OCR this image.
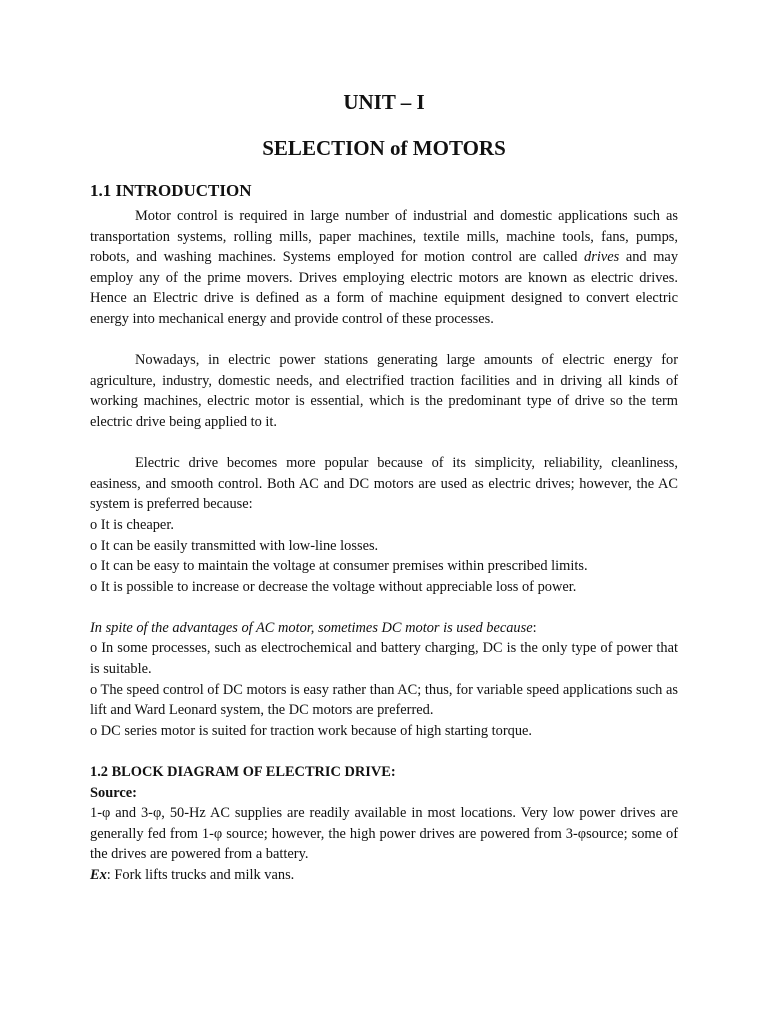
UNIT – I
SELECTION of MOTORS
1.1 INTRODUCTION

Motor control is required in large number of industrial and domestic applications such as transportation systems, rolling mills, paper machines, textile mills, machine tools, fans, pumps, robots, and washing machines. Systems employed for motion control are called drives and may employ any of the prime movers. Drives employing electric motors are known as electric drives. Hence an Electric drive is defined as a form of machine equipment designed to convert electric energy into mechanical energy and provide control of these processes.

Nowadays, in electric power stations generating large amounts of electric energy for agriculture, industry, domestic needs, and electrified traction facilities and in driving all kinds of working machines, electric motor is essential, which is the predominant type of drive so the term electric drive being applied to it.

Electric drive becomes more popular because of its simplicity, reliability, cleanliness, easiness, and smooth control. Both AC and DC motors are used as electric drives; however, the AC system is preferred because:

o It is cheaper.

o It can be easily transmitted with low-line losses.

o It can be easy to maintain the voltage at consumer premises within prescribed limits.

o It is possible to increase or decrease the voltage without appreciable loss of power.

In spite of the advantages of AC motor, sometimes DC motor is used because:

o In some processes, such as electrochemical and battery charging, DC is the only type of power that is suitable.

o The speed control of DC motors is easy rather than AC; thus, for variable speed applications such as lift and Ward Leonard system, the DC motors are preferred.

o DC series motor is suited for traction work because of high starting torque.

1.2 BLOCK DIAGRAM OF ELECTRIC DRIVE:
Source:

1-φ and 3-φ, 50-Hz AC supplies are readily available in most locations. Very low power drives are generally fed from 1-φ source; however, the high power drives are powered from 3-φsource; some of the drives are powered from a battery.

Ex: Fork lifts trucks and milk vans.
